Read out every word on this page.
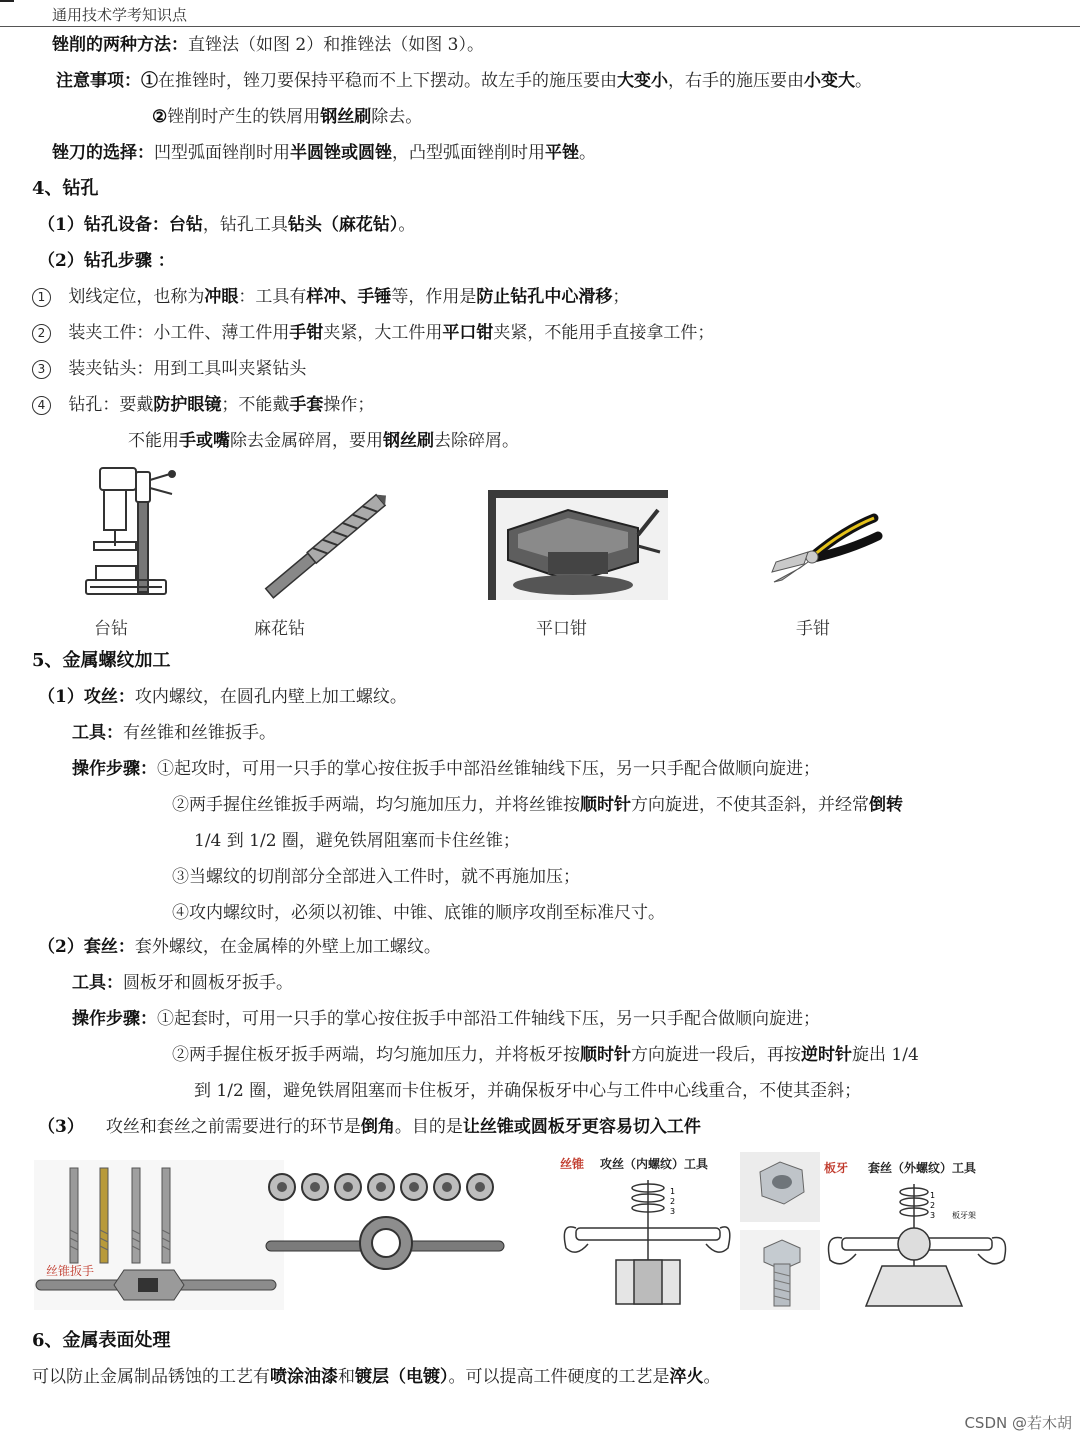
通用技术学考知识点
锉削的两种方法：直锉法（如图 2）和推锉法（如图 3）。
注意事项：①在推锉时，锉刀要保持平稳而不上下摆动。故左手的施压要由大变小，右手的施压要由小变大。
②锉削时产生的铁屑用钢丝刷除去。
锉刀的选择：凹型弧面锉削时用半圆锉或圆锉，凸型弧面锉削时用平锉。
4、钻孔
（1）钻孔设备：台钻，钻孔工具钻头（麻花钻）。
（2）钻孔步骤 ：
1 划线定位，也称为冲眼：工具有样冲、手锤等，作用是防止钻孔中心滑移；
2 装夹工件：小工件、薄工件用手钳夹紧，大工件用平口钳夹紧，不能用手直接拿工件；
3 装夹钻头：用到工具叫夹紧钻头
4 钻孔：要戴防护眼镜；不能戴手套操作；
不能用手或嘴除去金属碎屑，要用钢丝刷去除碎屑。
台钻	麻花钻	平口钳	手钳
5、金属螺纹加工
（1）攻丝：攻内螺纹，在圆孔内壁上加工螺纹。
工具：有丝锥和丝锥扳手。
操作步骤：①起攻时，可用一只手的掌心按住扳手中部沿丝锥轴线下压，另一只手配合做顺向旋进；
②两手握住丝锥扳手两端，均匀施加压力，并将丝锥按顺时针方向旋进，不使其歪斜，并经常倒转
1/4 到 1/2 圈，避免铁屑阻塞而卡住丝锥；
③当螺纹的切削部分全部进入工件时，就不再施加压；
④攻内螺纹时，必须以初锥、中锥、底锥的顺序攻削至标准尺寸。
（2）套丝：套外螺纹，在金属棒的外壁上加工螺纹。
工具：圆板牙和圆板牙扳手。
操作步骤：①起套时，可用一只手的掌心按住扳手中部沿工件轴线下压，另一只手配合做顺向旋进；
②两手握住板牙扳手两端，均匀施加压力，并将板牙按顺时针方向旋进一段后，再按逆时针旋出 1/4
到 1/2 圈，避免铁屑阻塞而卡住板牙，并确保板牙中心与工件中心线重合，不使其歪斜；
（3） 攻丝和套丝之前需要进行的环节是倒角。目的是让丝锥或圆板牙更容易切入工件
丝锥扳手
丝锥 攻丝（内螺纹）工具
1
2
3
板牙 套丝（外螺纹）工具
1
2
3 板牙架
6、金属表面处理
可以防止金属制品锈蚀的工艺有喷涂油漆和镀层（电镀）。可以提高工件硬度的工艺是淬火。
CSDN @若木胡
